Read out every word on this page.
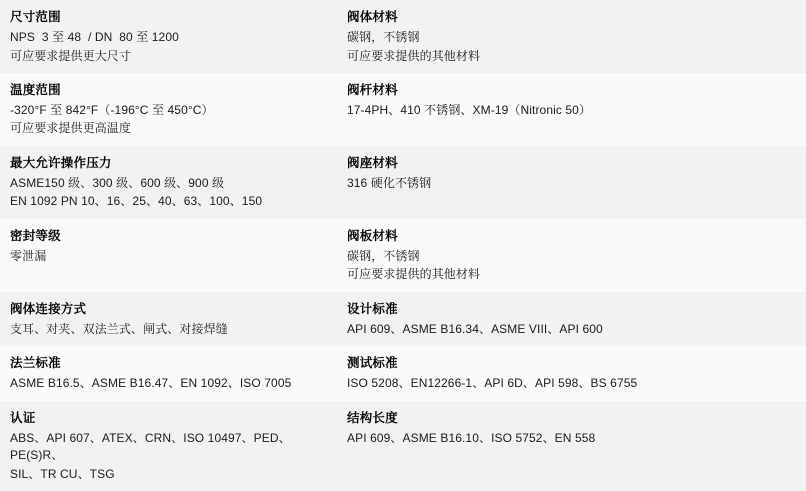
尺寸范围
NPS  3 至 48  / DN  80 至 1200
可应要求提供更大尺寸

阀体材料
碳钢，不锈钢
可应要求提供的其他材料

温度范围
-320°F 至 842°F（-196°C 至 450°C）
可应要求提供更高温度

阀杆材料
17-4PH、410 不锈钢、XM-19（Nitronic 50）

最大允许操作压力
ASME150 级、300 级、600 级、900 级
EN 1092 PN 10、16、25、40、63、100、150

阀座材料
316 硬化不锈钢

密封等级
零泄漏

阀板材料
碳钢，不锈钢
可应要求提供的其他材料

阀体连接方式
支耳、对夹、双法兰式、闸式、对接焊缝

设计标准
API 609、ASME B16.34、ASME VIII、API 600

法兰标准
ASME B16.5、ASME B16.47、EN 1092、ISO 7005

测试标准
ISO 5208、EN12266-1、API 6D、API 598、BS 6755

认证
ABS、API 607、ATEX、CRN、ISO 10497、PED、PE(S)R、
SIL、TR CU、TSG

结构长度
API 609、ASME B16.10、ISO 5752、EN 558
